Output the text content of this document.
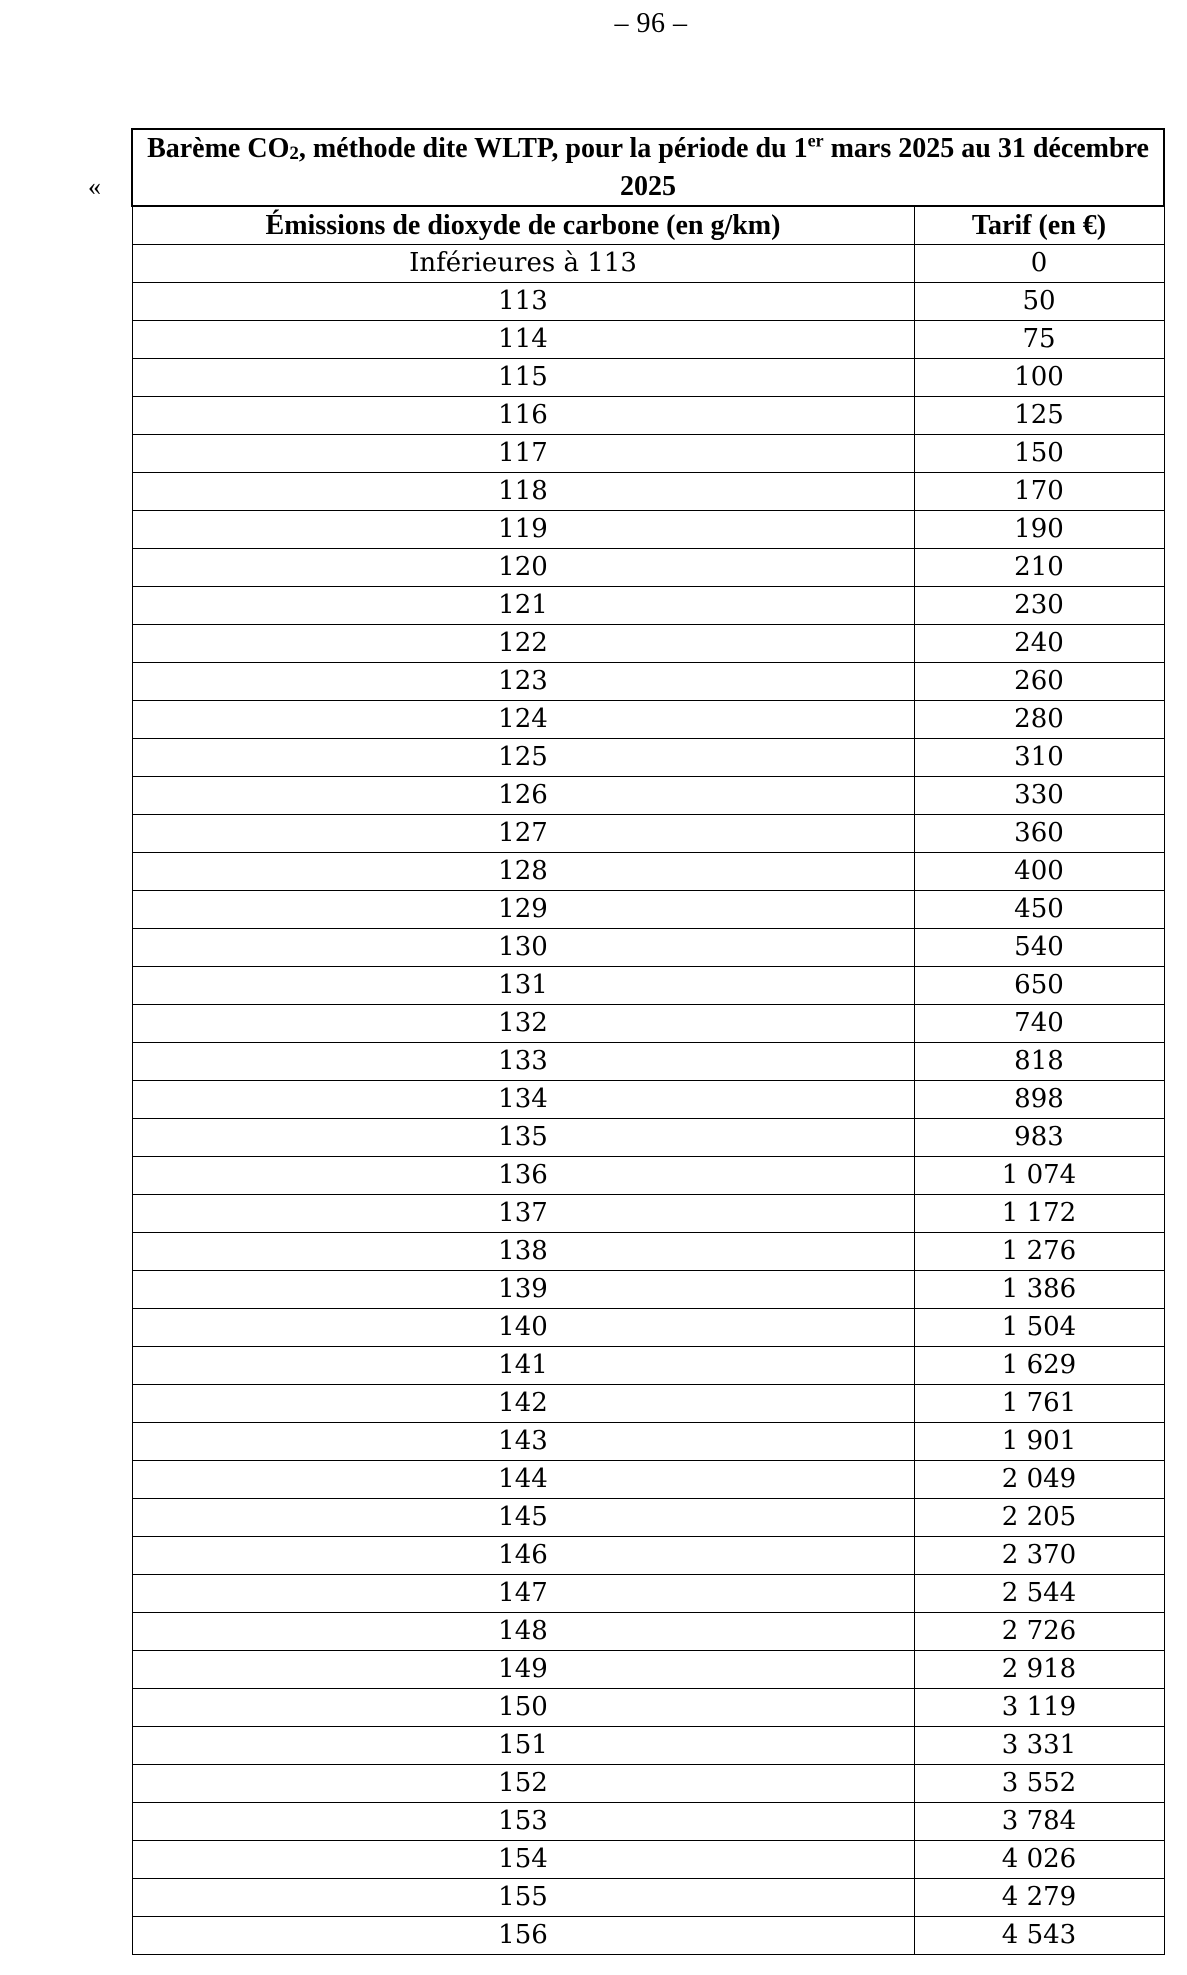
– 96 –
«
Barème $CO_2$, méthode dite WLTP, pour la période du 1er mars 2025 au 31 décembre 2025	
Émissions de dioxyde de carbone (en g/km)	Tarif (en €)
Inférieures à 113	0
113	50
114	75
115	100
116	125
117	150
118	170
119	190
120	210
121	230
122	240
123	260
124	280
125	310
126	330
127	360
128	400
129	450
130	540
131	650
132	740
133	818
134	898
135	983
136	1 074
137	1 172
138	1 276
139	1 386
140	1 504
141	1 629
142	1 761
143	1 901
144	2 049
145	2 205
146	2 370
147	2 544
148	2 726
149	2 918
150	3 119
151	3 331
152	3 552
153	3 784
154	4 026
155	4 279
156	4 543
